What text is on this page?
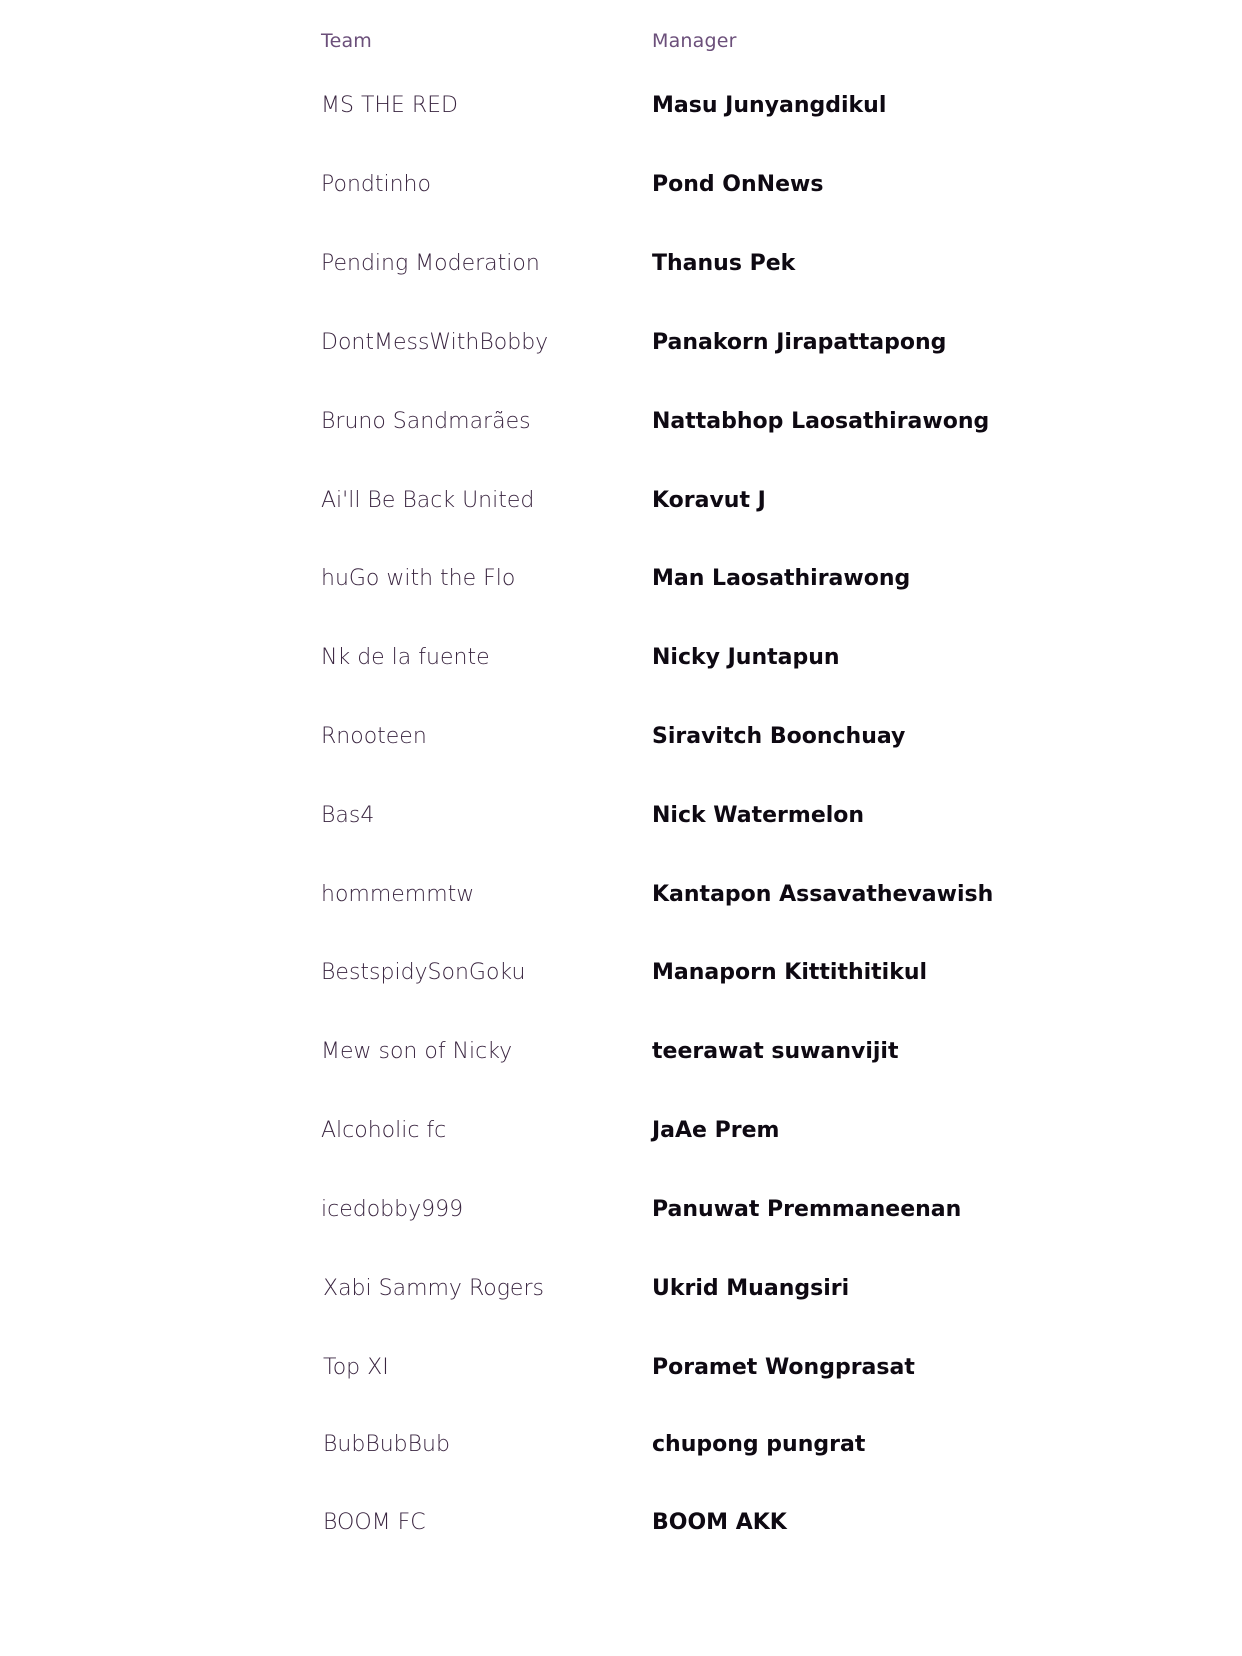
Team	Manager
MS THE RED	Masu Junyangdikul
Pondtinho	Pond OnNews
Pending Moderation	Thanus Pek
DontMessWithBobby	Panakorn Jirapattapong
Bruno Sandmarães	Nattabhop Laosathirawong
Ai'll Be Back United	Koravut J
huGo with the Flo	Man Laosathirawong
Nk de la fuente	Nicky Juntapun
Rnooteen	Siravitch Boonchuay
Bas4	Nick Watermelon
hommemmtw	Kantapon Assavathevawish
BestspidySonGoku	Manaporn Kittithitikul
Mew son of Nicky	teerawat suwanvijit
Alcoholic fc	JaAe Prem
icedobby999	Panuwat Premmaneenan
Xabi Sammy Rogers	Ukrid Muangsiri
Top XI	Poramet Wongprasat
BubBubBub	chupong pungrat
BOOM FC	BOOM AKK
